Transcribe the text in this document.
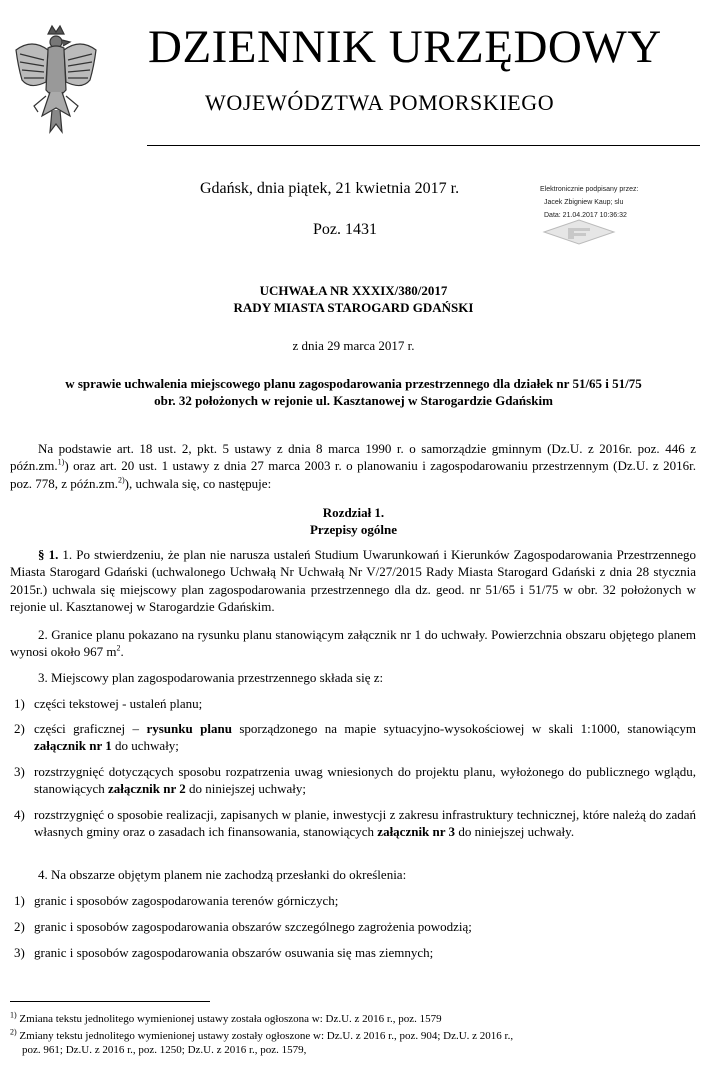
DZIENNIK URZĘDOWY
WOJEWÓDZTWA POMORSKIEGO
Gdańsk, dnia piątek, 21 kwietnia 2017 r.
Poz. 1431
Elektronicznie podpisany przez:
Jacek Zbigniew Kaup; slu
Data: 21.04.2017 10:36:32
UCHWAŁA NR XXXIX/380/2017
RADY MIASTA STAROGARD GDAŃSKI
z dnia 29 marca 2017 r.
w sprawie uchwalenia miejscowego planu zagospodarowania przestrzennego dla działek nr 51/65 i 51/75
obr. 32 położonych w rejonie ul. Kasztanowej w Starogardzie Gdańskim
Na podstawie art. 18 ust. 2, pkt. 5 ustawy z dnia 8 marca 1990 r. o samorządzie gminnym (Dz.U. z 2016r. poz. 446 z późn.zm.$^{1)}$) oraz art. 20 ust. 1 ustawy z dnia 27 marca 2003 r. o planowaniu i zagospodarowaniu przestrzennym (Dz.U. z 2016r. poz. 778, z późn.zm.$^{2)}$), uchwala się, co następuje:
Rozdział 1.
Przepisy ogólne
§ 1. 1. Po stwierdzeniu, że plan nie narusza ustaleń Studium Uwarunkowań i Kierunków Zagospodarowania Przestrzennego Miasta Starogard Gdański (uchwalonego Uchwałą Nr Uchwałą Nr V/27/2015 Rady Miasta Starogard Gdański z dnia 28 stycznia 2015r.) uchwala się miejscowy plan zagospodarowania przestrzennego dla dz. geod. nr 51/65 i 51/75 w obr. 32 położonych w rejonie ul. Kasztanowej w Starogardzie Gdańskim.
2. Granice planu pokazano na rysunku planu stanowiącym załącznik nr 1 do uchwały. Powierzchnia obszaru objętego planem wynosi około 967 $m^2$.
3. Miejscowy plan zagospodarowania przestrzennego składa się z:
1) części tekstowej - ustaleń planu;
2) części graficznej – rysunku planu sporządzonego na mapie sytuacyjno-wysokościowej w skali 1:1000, stanowiącym załącznik nr 1 do uchwały;
3) rozstrzygnięć dotyczących sposobu rozpatrzenia uwag wniesionych do projektu planu, wyłożonego do publicznego wglądu, stanowiących załącznik nr 2 do niniejszej uchwały;
4) rozstrzygnięć o sposobie realizacji, zapisanych w planie, inwestycji z zakresu infrastruktury technicznej, które należą do zadań własnych gminy oraz o zasadach ich finansowania, stanowiących załącznik nr 3 do niniejszej uchwały.
4. Na obszarze objętym planem nie zachodzą przesłanki do określenia:
1) granic i sposobów zagospodarowania terenów górniczych;
2) granic i sposobów zagospodarowania obszarów szczególnego zagrożenia powodzią;
3) granic i sposobów zagospodarowania obszarów osuwania się mas ziemnych;
$^{1)}$ Zmiana tekstu jednolitego wymienionej ustawy została ogłoszona w: Dz.U. z 2016 r., poz. 1579
$^{2)}$ Zmiany tekstu jednolitego wymienionej ustawy zostały ogłoszone w: Dz.U. z 2016 r., poz. 904; Dz.U. z 2016 r.,
poz. 961; Dz.U. z 2016 r., poz. 1250; Dz.U. z 2016 r., poz. 1579,
